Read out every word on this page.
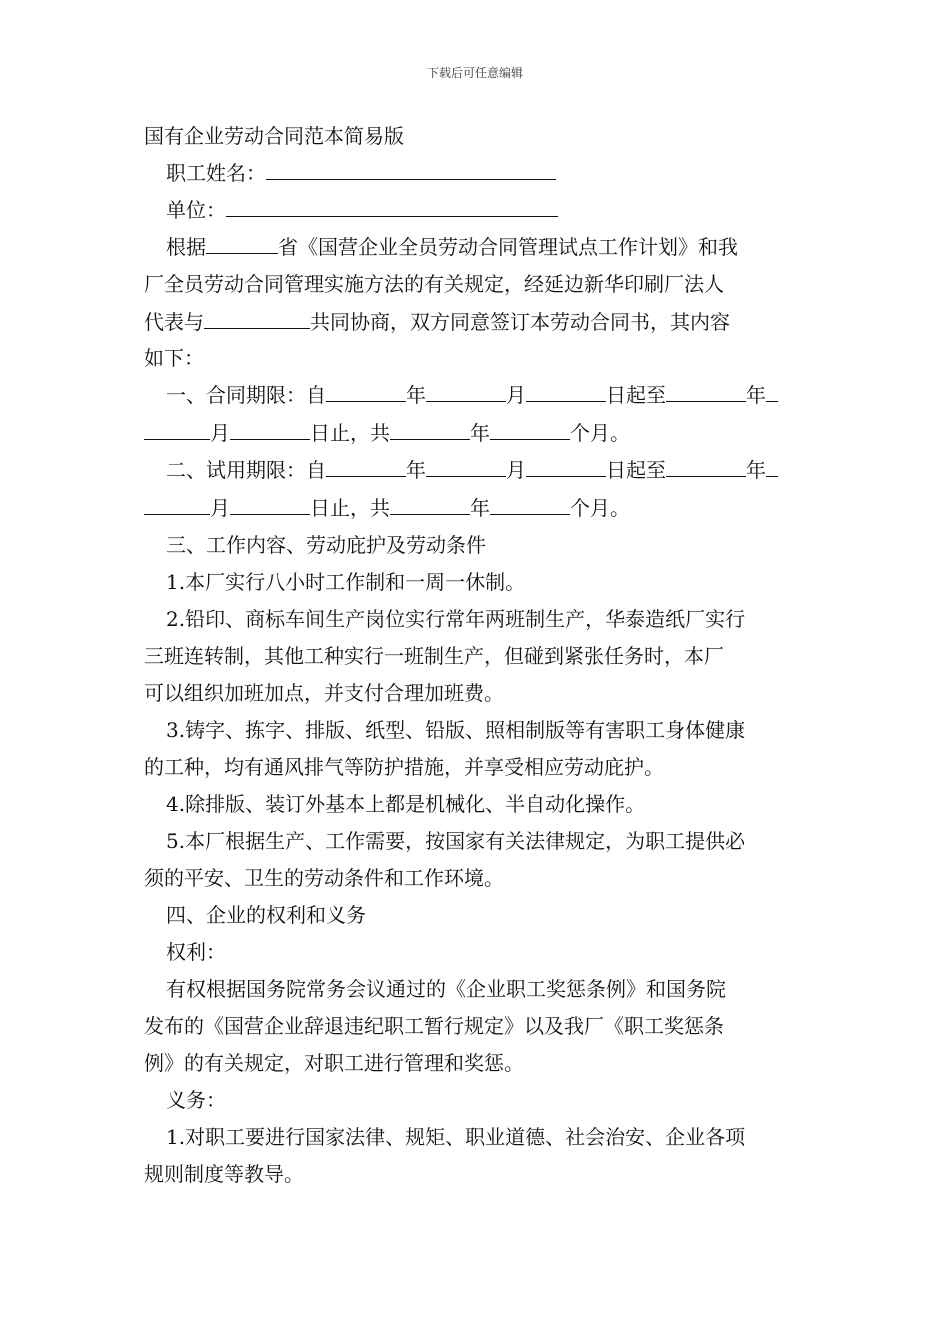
下载后可任意编辑
国有企业劳动合同范本简易版
职工姓名：
单位：
根据	省《国营企业全员劳动合同管理试点工作计划》和我
厂全员劳动合同管理实施方法的有关规定，经延边新华印刷厂法人
代表与	共同协商，双方同意签订本劳动合同书，其内容
如下：
一、合同期限：自	年	月	日起至	年
月	日止，共	年	个月。
二、试用期限：自	年	月	日起至	年
月	日止，共	年	个月。
三、工作内容、劳动庇护及劳动条件
1.本厂实行八小时工作制和一周一休制。
2.铅印、商标车间生产岗位实行常年两班制生产，华泰造纸厂实行
三班连转制，其他工种实行一班制生产，但碰到紧张任务时，本厂
可以组织加班加点，并支付合理加班费。
3.铸字、拣字、排版、纸型、铅版、照相制版等有害职工身体健康
的工种，均有通风排气等防护措施，并享受相应劳动庇护。
4.除排版、装订外基本上都是机械化、半自动化操作。
5.本厂根据生产、工作需要，按国家有关法律规定，为职工提供必
须的平安、卫生的劳动条件和工作环境。
四、企业的权利和义务
权利：
有权根据国务院常务会议通过的《企业职工奖惩条例》和国务院
发布的《国营企业辞退违纪职工暂行规定》以及我厂《职工奖惩条
例》的有关规定，对职工进行管理和奖惩。
义务：
1.对职工要进行国家法律、规矩、职业道德、社会治安、企业各项
规则制度等教导。
